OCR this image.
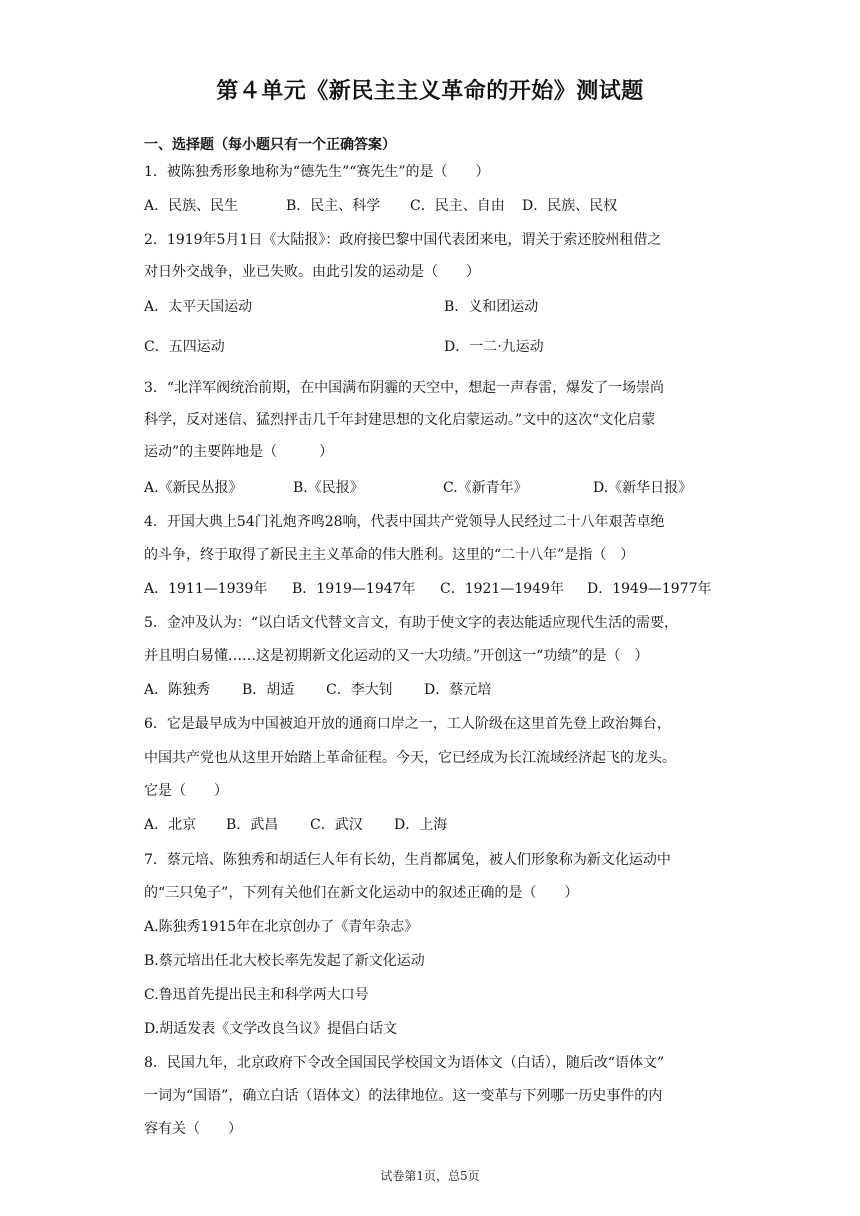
第４单元《新民主主义革命的开始》测试题
一、选择题（每小题只有一个正确答案）
1．被陈独秀形象地称为“德先生”“赛先生”的是（　　）
A．民族、民生	B．民主、科学 C．民主、自由 D．民族、民权
2．1919年5月1日《大陆报》：政府接巴黎中国代表团来电，谓关于索还胶州租借之
对日外交战争，业已失败。由此引发的运动是（　　）
A．太平天国运动	B．义和团运动
C．五四运动	D．一二·九运动
3．“北洋军阀统治前期，在中国满布阴霾的天空中，想起一声春雷，爆发了一场崇尚
科学，反对迷信、猛烈抨击几千年封建思想的文化启蒙运动。”文中的这次“文化启蒙
运动”的主要阵地是（　　　）
A.《新民丛报》	B.《民报》	C.《新青年》	D.《新华日报》
4．开国大典上54门礼炮齐鸣28响，代表中国共产党领导人民经过二十八年艰苦卓绝
的斗争，终于取得了新民主主义革命的伟大胜利。这里的“二十八年”是指（　）
A．1911—1939年 B．1919—1947年 C．1921—1949年 D．1949—1977年
5．金冲及认为：“以白话文代替文言文，有助于使文字的表达能适应现代生活的需要，
并且明白易懂……这是初期新文化运动的又一大功绩。”开创这一“功绩”的是（　）
A．陈独秀 B．胡适 C．李大钊 D．蔡元培
6．它是最早成为中国被迫开放的通商口岸之一，工人阶级在这里首先登上政治舞台，
中国共产党也从这里开始踏上革命征程。今天，它已经成为长江流域经济起飞的龙头。
它是（　　）
A．北京 B．武昌 C．武汉 D．上海
7．蔡元培、陈独秀和胡适仨人年有长幼，生肖都属兔，被人们形象称为新文化运动中
的“三只兔子”，下列有关他们在新文化运动中的叙述正确的是（　　）
A.陈独秀1915年在北京创办了《青年杂志》
B.蔡元培出任北大校长率先发起了新文化运动
C.鲁迅首先提出民主和科学两大口号
D.胡适发表《文学改良刍议》提倡白话文
8．民国九年，北京政府下令改全国国民学校国文为语体文（白话），随后改“语体文”
一词为“国语”，确立白话（语体文）的法律地位。这一变革与下列哪一历史事件的内
容有关（　　）
试卷第1页，总5页
